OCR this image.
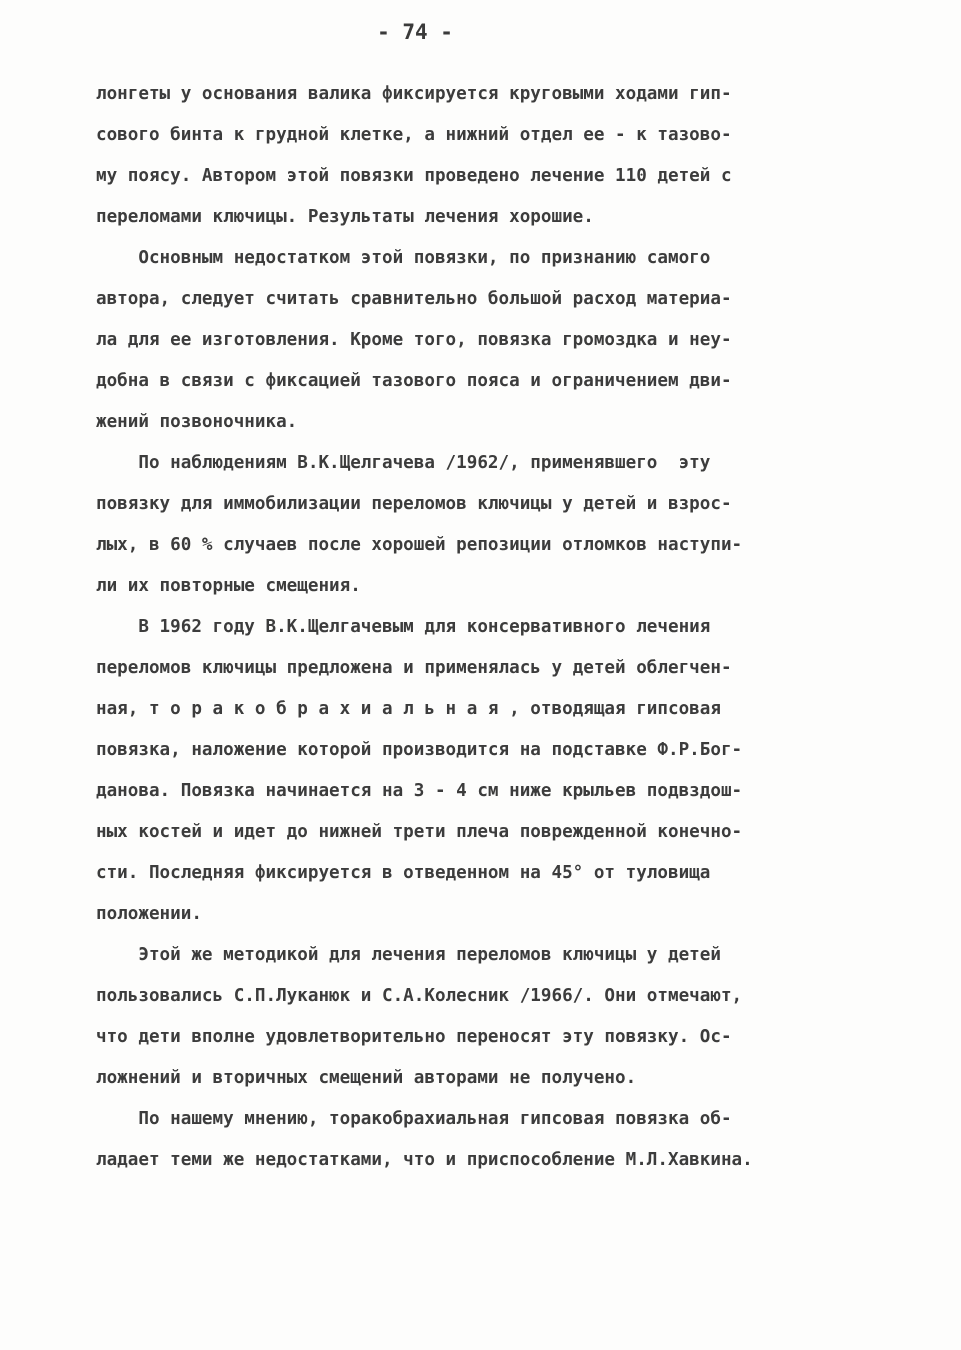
- 74 -
лонгеты у основания валика фиксируется круговыми ходами гип-
сового бинта к грудной клетке, а нижний отдел ее - к тазово-
му поясу. Автором этой повязки проведено лечение 110 детей с
переломами ключицы. Результаты лечения хорошие.
Основным недостатком этой повязки, по признанию самого
автора, следует считать сравнительно большой расход материа-
ла для ее изготовления. Кроме того, повязка громоздка и неу-
добна в связи с фиксацией тазового пояса и ограничением дви-
жений позвоночника.
По наблюдениям В.К.Щелгачева /1962/, применявшего  эту
повязку для иммобилизации переломов ключицы у детей и взрос-
лых, в 60 % случаев после хорошей репозиции отломков наступи-
ли их повторные смещения.
В 1962 году В.К.Щелгачевым для консервативного лечения
переломов ключицы предложена и применялась у детей облегчен-
ная, т о р а к о б р а х и а л ь н а я , отводящая гипсовая
повязка, наложение которой производится на подставке Ф.Р.Бог-
данова. Повязка начинается на 3 - 4 см ниже крыльев подвздош-
ных костей и идет до нижней трети плеча поврежденной конечно-
сти. Последняя фиксируется в отведенном на 45° от туловища
положении.
Этой же методикой для лечения переломов ключицы у детей
пользовались С.П.Луканюк и С.А.Колесник /1966/. Они отмечают,
что дети вполне удовлетворительно переносят эту повязку. Ос-
ложнений и вторичных смещений авторами не получено.
По нашему мнению, торакобрахиальная гипсовая повязка об-
ладает теми же недостатками, что и приспособление М.Л.Хавкина.
